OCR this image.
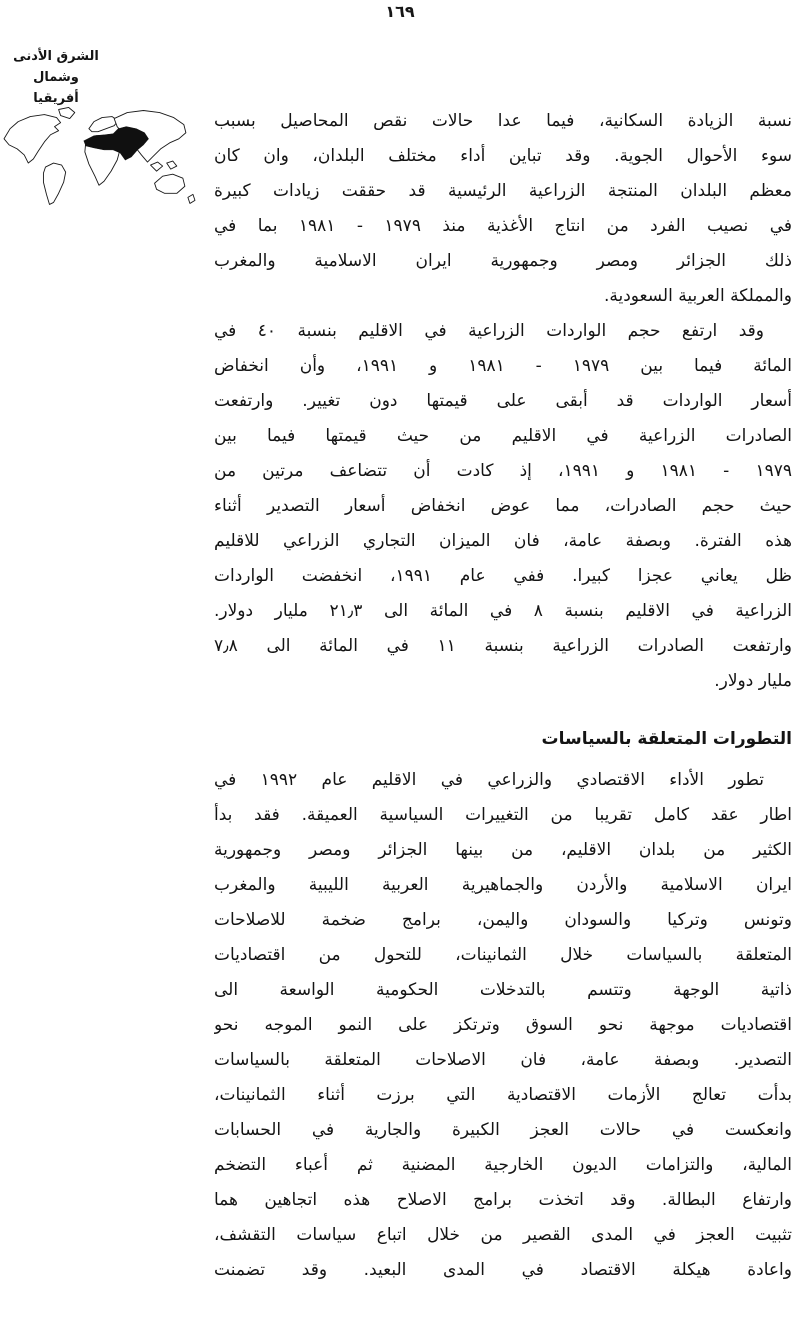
١٦٩
الشرق الأدنى وشمال
أفريقيا
نسبة الزيادة السكانية، فيما عدا حالات نقص المحاصيل بسبب
سوء الأحوال الجوية. وقد تباين أداء مختلف البلدان، وان كان
معظم البلدان المنتجة الزراعية الرئيسية قد حققت زيادات كبيرة
في نصيب الفرد من انتاج الأغذية منذ ١٩٧٩ - ١٩٨١ بما في
ذلك الجزائر ومصر وجمهورية ايران الاسلامية والمغرب
والمملكة العربية السعودية.
وقد ارتفع حجم الواردات الزراعية في الاقليم بنسبة ٤٠ في
المائة فيما بين ١٩٧٩ - ١٩٨١ و ١٩٩١، وأن انخفاض
أسعار الواردات قد أبقى على قيمتها دون تغيير. وارتفعت
الصادرات الزراعية في الاقليم من حيث قيمتها فيما بين
١٩٧٩ - ١٩٨١ و ١٩٩١، إذ كادت أن تتضاعف مرتين من
حيث حجم الصادرات، مما عوض انخفاض أسعار التصدير أثناء
هذه الفترة. وبصفة عامة، فان الميزان التجاري الزراعي للاقليم
ظل يعاني عجزا كبيرا. ففي عام ١٩٩١، انخفضت الواردات
الزراعية في الاقليم بنسبة ٨ في المائة الى ٢١٫٣ مليار دولار.
وارتفعت الصادرات الزراعية بنسبة ١١ في المائة الى ٧٫٨
مليار دولار.
التطورات المتعلقة بالسياسات
تطور الأداء الاقتصادي والزراعي في الاقليم عام ١٩٩٢ في
اطار عقد كامل تقريبا من التغييرات السياسية العميقة. فقد بدأ
الكثير من بلدان الاقليم، من بينها الجزائر ومصر وجمهورية
ايران الاسلامية والأردن والجماهيرية العربية الليبية والمغرب
وتونس وتركيا والسودان واليمن، برامج ضخمة للاصلاحات
المتعلقة بالسياسات خلال الثمانينات، للتحول من اقتصاديات
ذاتية الوجهة وتتسم بالتدخلات الحكومية الواسعة الى
اقتصاديات موجهة نحو السوق وترتكز على النمو الموجه نحو
التصدير. وبصفة عامة، فان الاصلاحات المتعلقة بالسياسات
بدأت تعالج الأزمات الاقتصادية التي برزت أثناء الثمانينات،
وانعكست في حالات العجز الكبيرة والجارية في الحسابات
المالية، والتزامات الديون الخارجية المضنية ثم أعباء التضخم
وارتفاع البطالة. وقد اتخذت برامج الاصلاح هذه اتجاهين هما
تثبيت العجز في المدى القصير من خلال اتباع سياسات التقشف،
واعادة هيكلة الاقتصاد في المدى البعيد. وقد تضمنت
